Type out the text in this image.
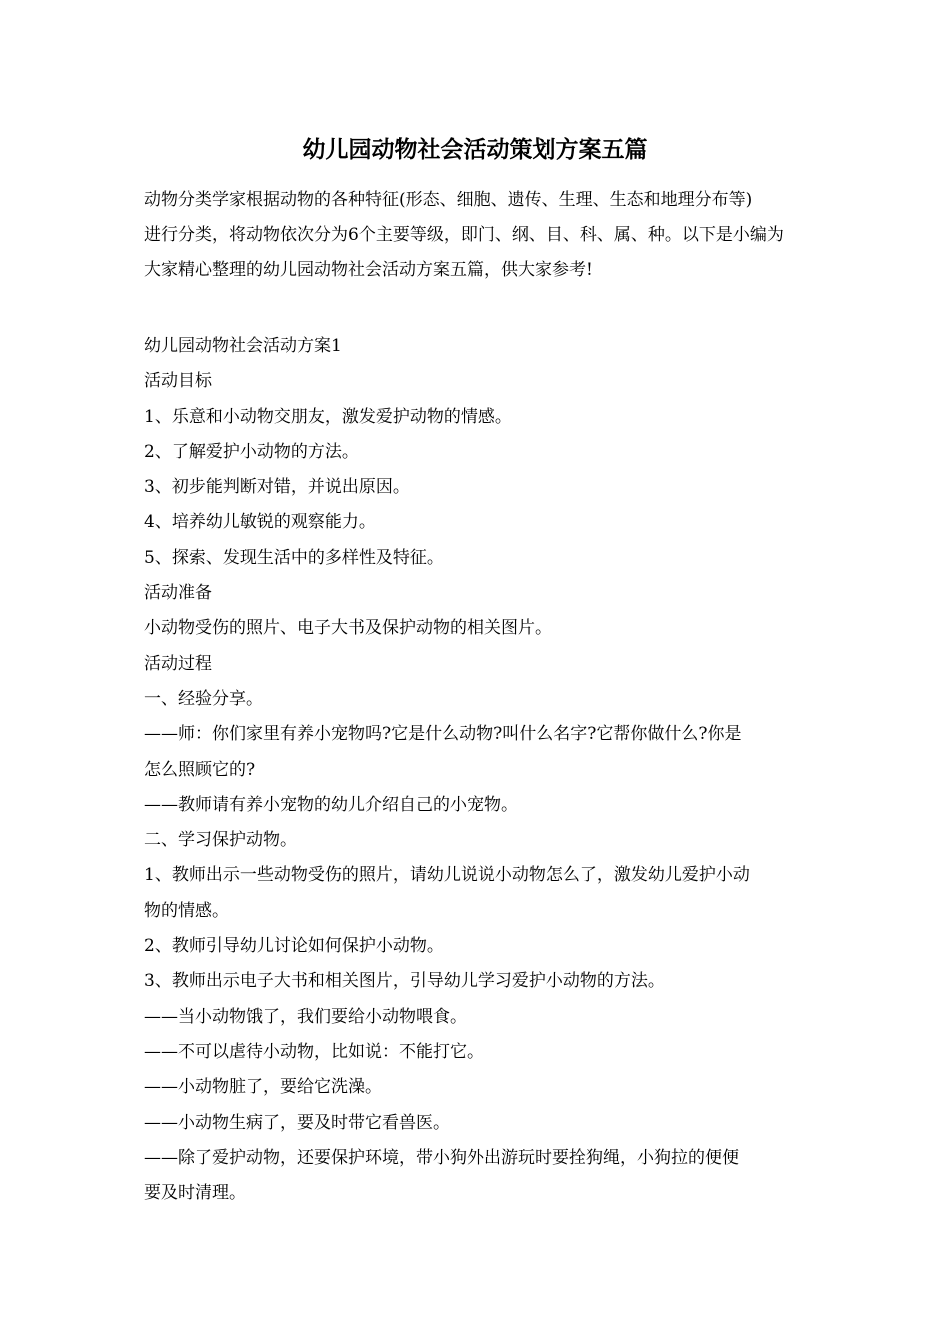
幼儿园动物社会活动策划方案五篇

动物分类学家根据动物的各种特征(形态、细胞、遗传、生理、生态和地理分布等)

进行分类，将动物依次分为6个主要等级，即门、纲、目、科、属、种。以下是小编为

大家精心整理的幼儿园动物社会活动方案五篇，供大家参考!

幼儿园动物社会活动方案1

活动目标

1、乐意和小动物交朋友，激发爱护动物的情感。

2、了解爱护小动物的方法。

3、初步能判断对错，并说出原因。

4、培养幼儿敏锐的观察能力。

5、探索、发现生活中的多样性及特征。

活动准备

小动物受伤的照片、电子大书及保护动物的相关图片。

活动过程

一、经验分享。

——师：你们家里有养小宠物吗?它是什么动物?叫什么名字?它帮你做什么?你是

怎么照顾它的?

——教师请有养小宠物的幼儿介绍自己的小宠物。

二、学习保护动物。

1、教师出示一些动物受伤的照片，请幼儿说说小动物怎么了，激发幼儿爱护小动

物的情感。

2、教师引导幼儿讨论如何保护小动物。

3、教师出示电子大书和相关图片，引导幼儿学习爱护小动物的方法。

——当小动物饿了，我们要给小动物喂食。

——不可以虐待小动物，比如说：不能打它。

——小动物脏了，要给它洗澡。

——小动物生病了，要及时带它看兽医。

——除了爱护动物，还要保护环境，带小狗外出游玩时要拴狗绳，小狗拉的便便

要及时清理。
